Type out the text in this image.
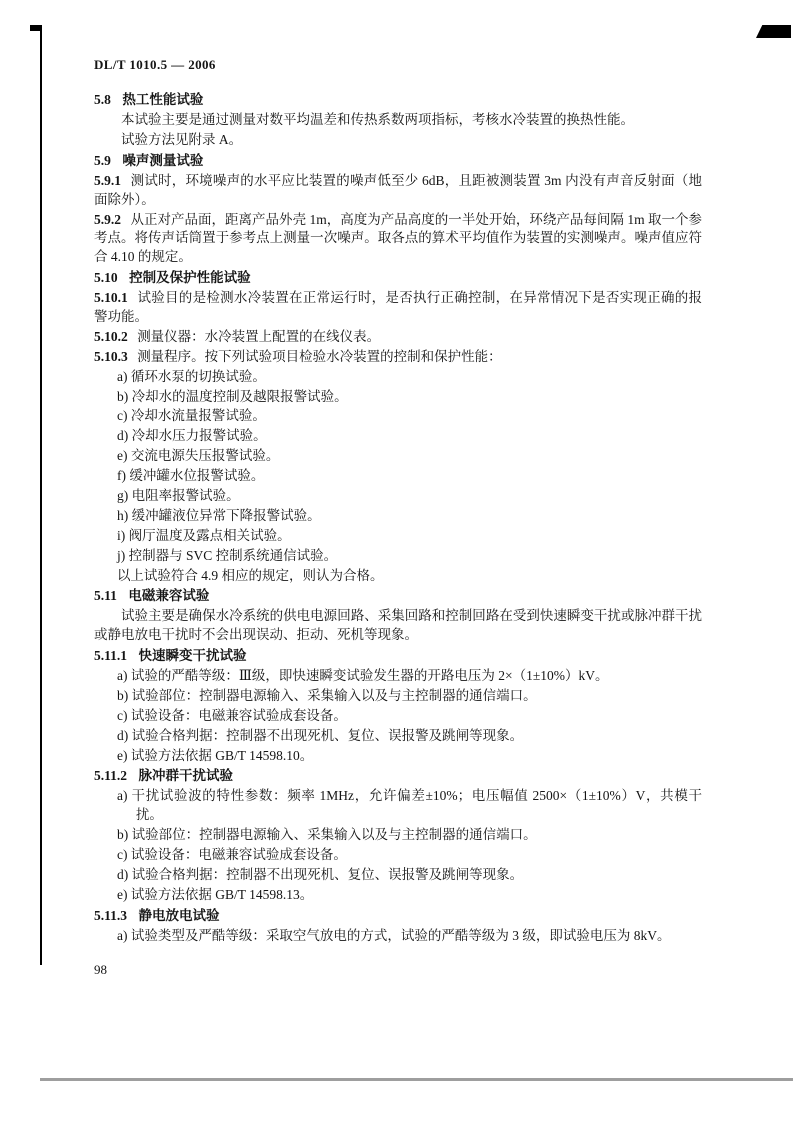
DL/T 1010.5 — 2006
5.8 热工性能试验
本试验主要是通过测量对数平均温差和传热系数两项指标，考核水冷装置的换热性能。
试验方法见附录 A。
5.9 噪声测量试验
5.9.1 测试时，环境噪声的水平应比装置的噪声低至少 6dB，且距被测装置 3m 内没有声音反射面（地面除外）。
5.9.2 从正对产品面，距离产品外壳 1m，高度为产品高度的一半处开始，环绕产品每间隔 1m 取一个参考点。将传声话筒置于参考点上测量一次噪声。取各点的算术平均值作为装置的实测噪声。噪声值应符合 4.10 的规定。
5.10 控制及保护性能试验
5.10.1 试验目的是检测水冷装置在正常运行时，是否执行正确控制，在异常情况下是否实现正确的报警功能。
5.10.2 测量仪器：水冷装置上配置的在线仪表。
5.10.3 测量程序。按下列试验项目检验水冷装置的控制和保护性能：
a) 循环水泵的切换试验。
b) 冷却水的温度控制及越限报警试验。
c) 冷却水流量报警试验。
d) 冷却水压力报警试验。
e) 交流电源失压报警试验。
f) 缓冲罐水位报警试验。
g) 电阻率报警试验。
h) 缓冲罐液位异常下降报警试验。
i) 阀厅温度及露点相关试验。
j) 控制器与 SVC 控制系统通信试验。
以上试验符合 4.9 相应的规定，则认为合格。
5.11 电磁兼容试验
试验主要是确保水冷系统的供电电源回路、采集回路和控制回路在受到快速瞬变干扰或脉冲群干扰或静电放电干扰时不会出现误动、拒动、死机等现象。
5.11.1 快速瞬变干扰试验
a) 试验的严酷等级：Ⅲ级，即快速瞬变试验发生器的开路电压为 2×（1±10%）kV。
b) 试验部位：控制器电源输入、采集输入以及与主控制器的通信端口。
c) 试验设备：电磁兼容试验成套设备。
d) 试验合格判据：控制器不出现死机、复位、误报警及跳闸等现象。
e) 试验方法依据 GB/T 14598.10。
5.11.2 脉冲群干扰试验
a) 干扰试验波的特性参数：频率 1MHz，允许偏差±10%；电压幅值 2500×（1±10%）V，共模干扰。
b) 试验部位：控制器电源输入、采集输入以及与主控制器的通信端口。
c) 试验设备：电磁兼容试验成套设备。
d) 试验合格判据：控制器不出现死机、复位、误报警及跳闸等现象。
e) 试验方法依据 GB/T 14598.13。
5.11.3 静电放电试验
a) 试验类型及严酷等级：采取空气放电的方式，试验的严酷等级为 3 级，即试验电压为 8kV。
98
